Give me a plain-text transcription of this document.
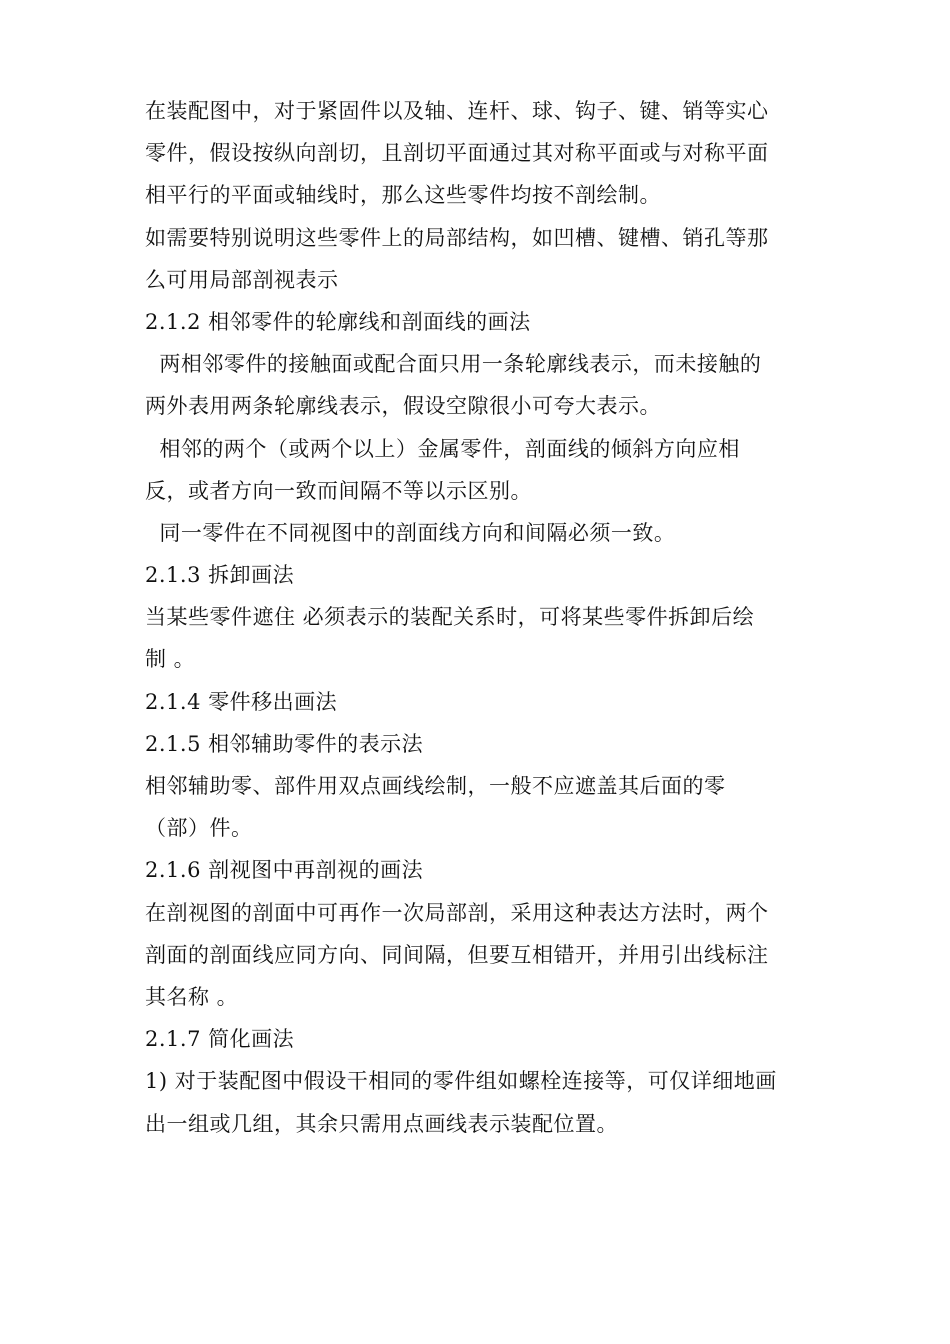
在装配图中，对于紧固件以及轴、连杆、球、钩子、键、销等实心
零件，假设按纵向剖切，且剖切平面通过其对称平面或与对称平面
相平行的平面或轴线时，那么这些零件均按不剖绘制。
如需要特别说明这些零件上的局部结构，如凹槽、键槽、销孔等那
么可用局部剖视表示
2.1.2 相邻零件的轮廓线和剖面线的画法
两相邻零件的接触面或配合面只用一条轮廓线表示，而未接触的
两外表用两条轮廓线表示，假设空隙很小可夸大表示。
相邻的两个（或两个以上）金属零件，剖面线的倾斜方向应相
反，或者方向一致而间隔不等以示区别。
同一零件在不同视图中的剖面线方向和间隔必须一致。
2.1.3 拆卸画法
当某些零件遮住 必须表示的装配关系时，可将某些零件拆卸后绘
制 。
2.1.4 零件移出画法
2.1.5 相邻辅助零件的表示法
相邻辅助零、部件用双点画线绘制，一般不应遮盖其后面的零
（部）件。
2.1.6 剖视图中再剖视的画法
在剖视图的剖面中可再作一次局部剖，采用这种表达方法时，两个
剖面的剖面线应同方向、同间隔，但要互相错开，并用引出线标注
其名称 。
2.1.7 简化画法
1) 对于装配图中假设干相同的零件组如螺栓连接等，可仅详细地画
出一组或几组，其余只需用点画线表示装配位置。
